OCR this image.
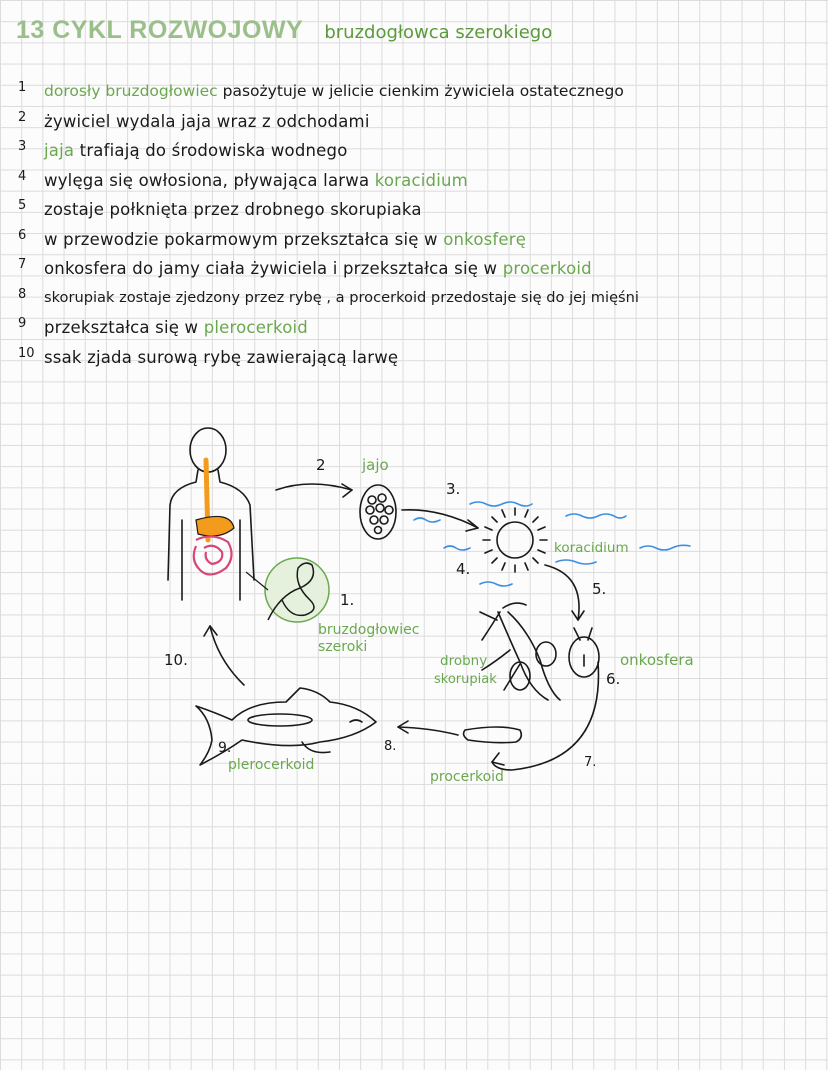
13 CYKL ROZWOJOWY bruzdogłowca szerokiego
1	dorosły bruzdogłowiec pasożytuje w jelicie cienkim żywiciela ostatecznego
2	żywiciel wydala jaja wraz z odchodami
3	jaja trafiają do środowiska wodnego
4	wylęga się owłosiona, pływająca larwa koracidium
5	zostaje połknięta przez drobnego skorupiaka
6	w przewodzie pokarmowym przekształca się w onkosferę
7	onkosfera do jamy ciała żywiciela i przekształca się w procerkoid
8	skorupiak zostaje zjedzony przez rybę , a procerkoid przedostaje się do jej mięśni
9	przekształca się w plerocerkoid
10 ssak zjada surową rybę zawierającą larwę
2 jajo
3.
4.
koracidium
5.
1.
bruzdogłowiec
szeroki
10.	drobny
skorupiak
onkosfera
6.
9.	8.
plerocerkoid	7.
procerkoid
